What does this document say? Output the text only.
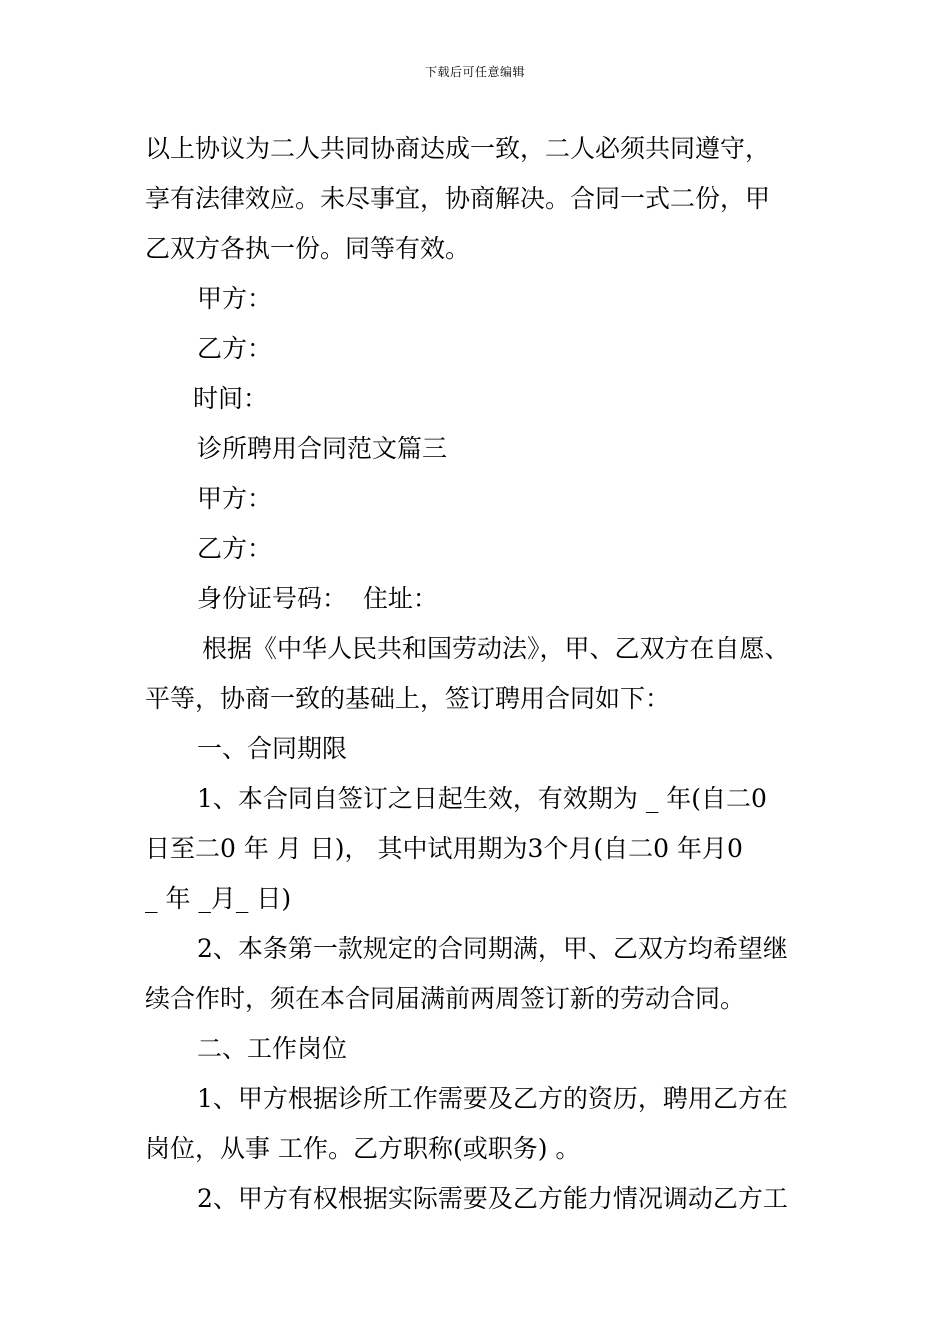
下载后可任意编辑
以上协议为二人共同协商达成一致，二人必须共同遵守，
享有法律效应。未尽事宜，协商解决。合同一式二份，甲
乙双方各执一份。同等有效。
甲方：
乙方：
时间：
诊所聘用合同范文篇三
甲方：
乙方：
身份证号码：  住址：
根据《中华人民共和国劳动法》，甲、乙双方在自愿、
平等，协商一致的基础上，签订聘用合同如下：
一、合同期限
1、本合同自签订之日起生效，有效期为 _ 年(自二0
日至二0 年 月 日)， 其中试用期为3个月(自二0 年月0
_ 年 _月_ 日)
2、本条第一款规定的合同期满，甲、乙双方均希望继
续合作时，须在本合同届满前两周签订新的劳动合同。
二、工作岗位
1、甲方根据诊所工作需要及乙方的资历，聘用乙方在
岗位，从事 工作。乙方职称(或职务) 。
2、甲方有权根据实际需要及乙方能力情况调动乙方工
